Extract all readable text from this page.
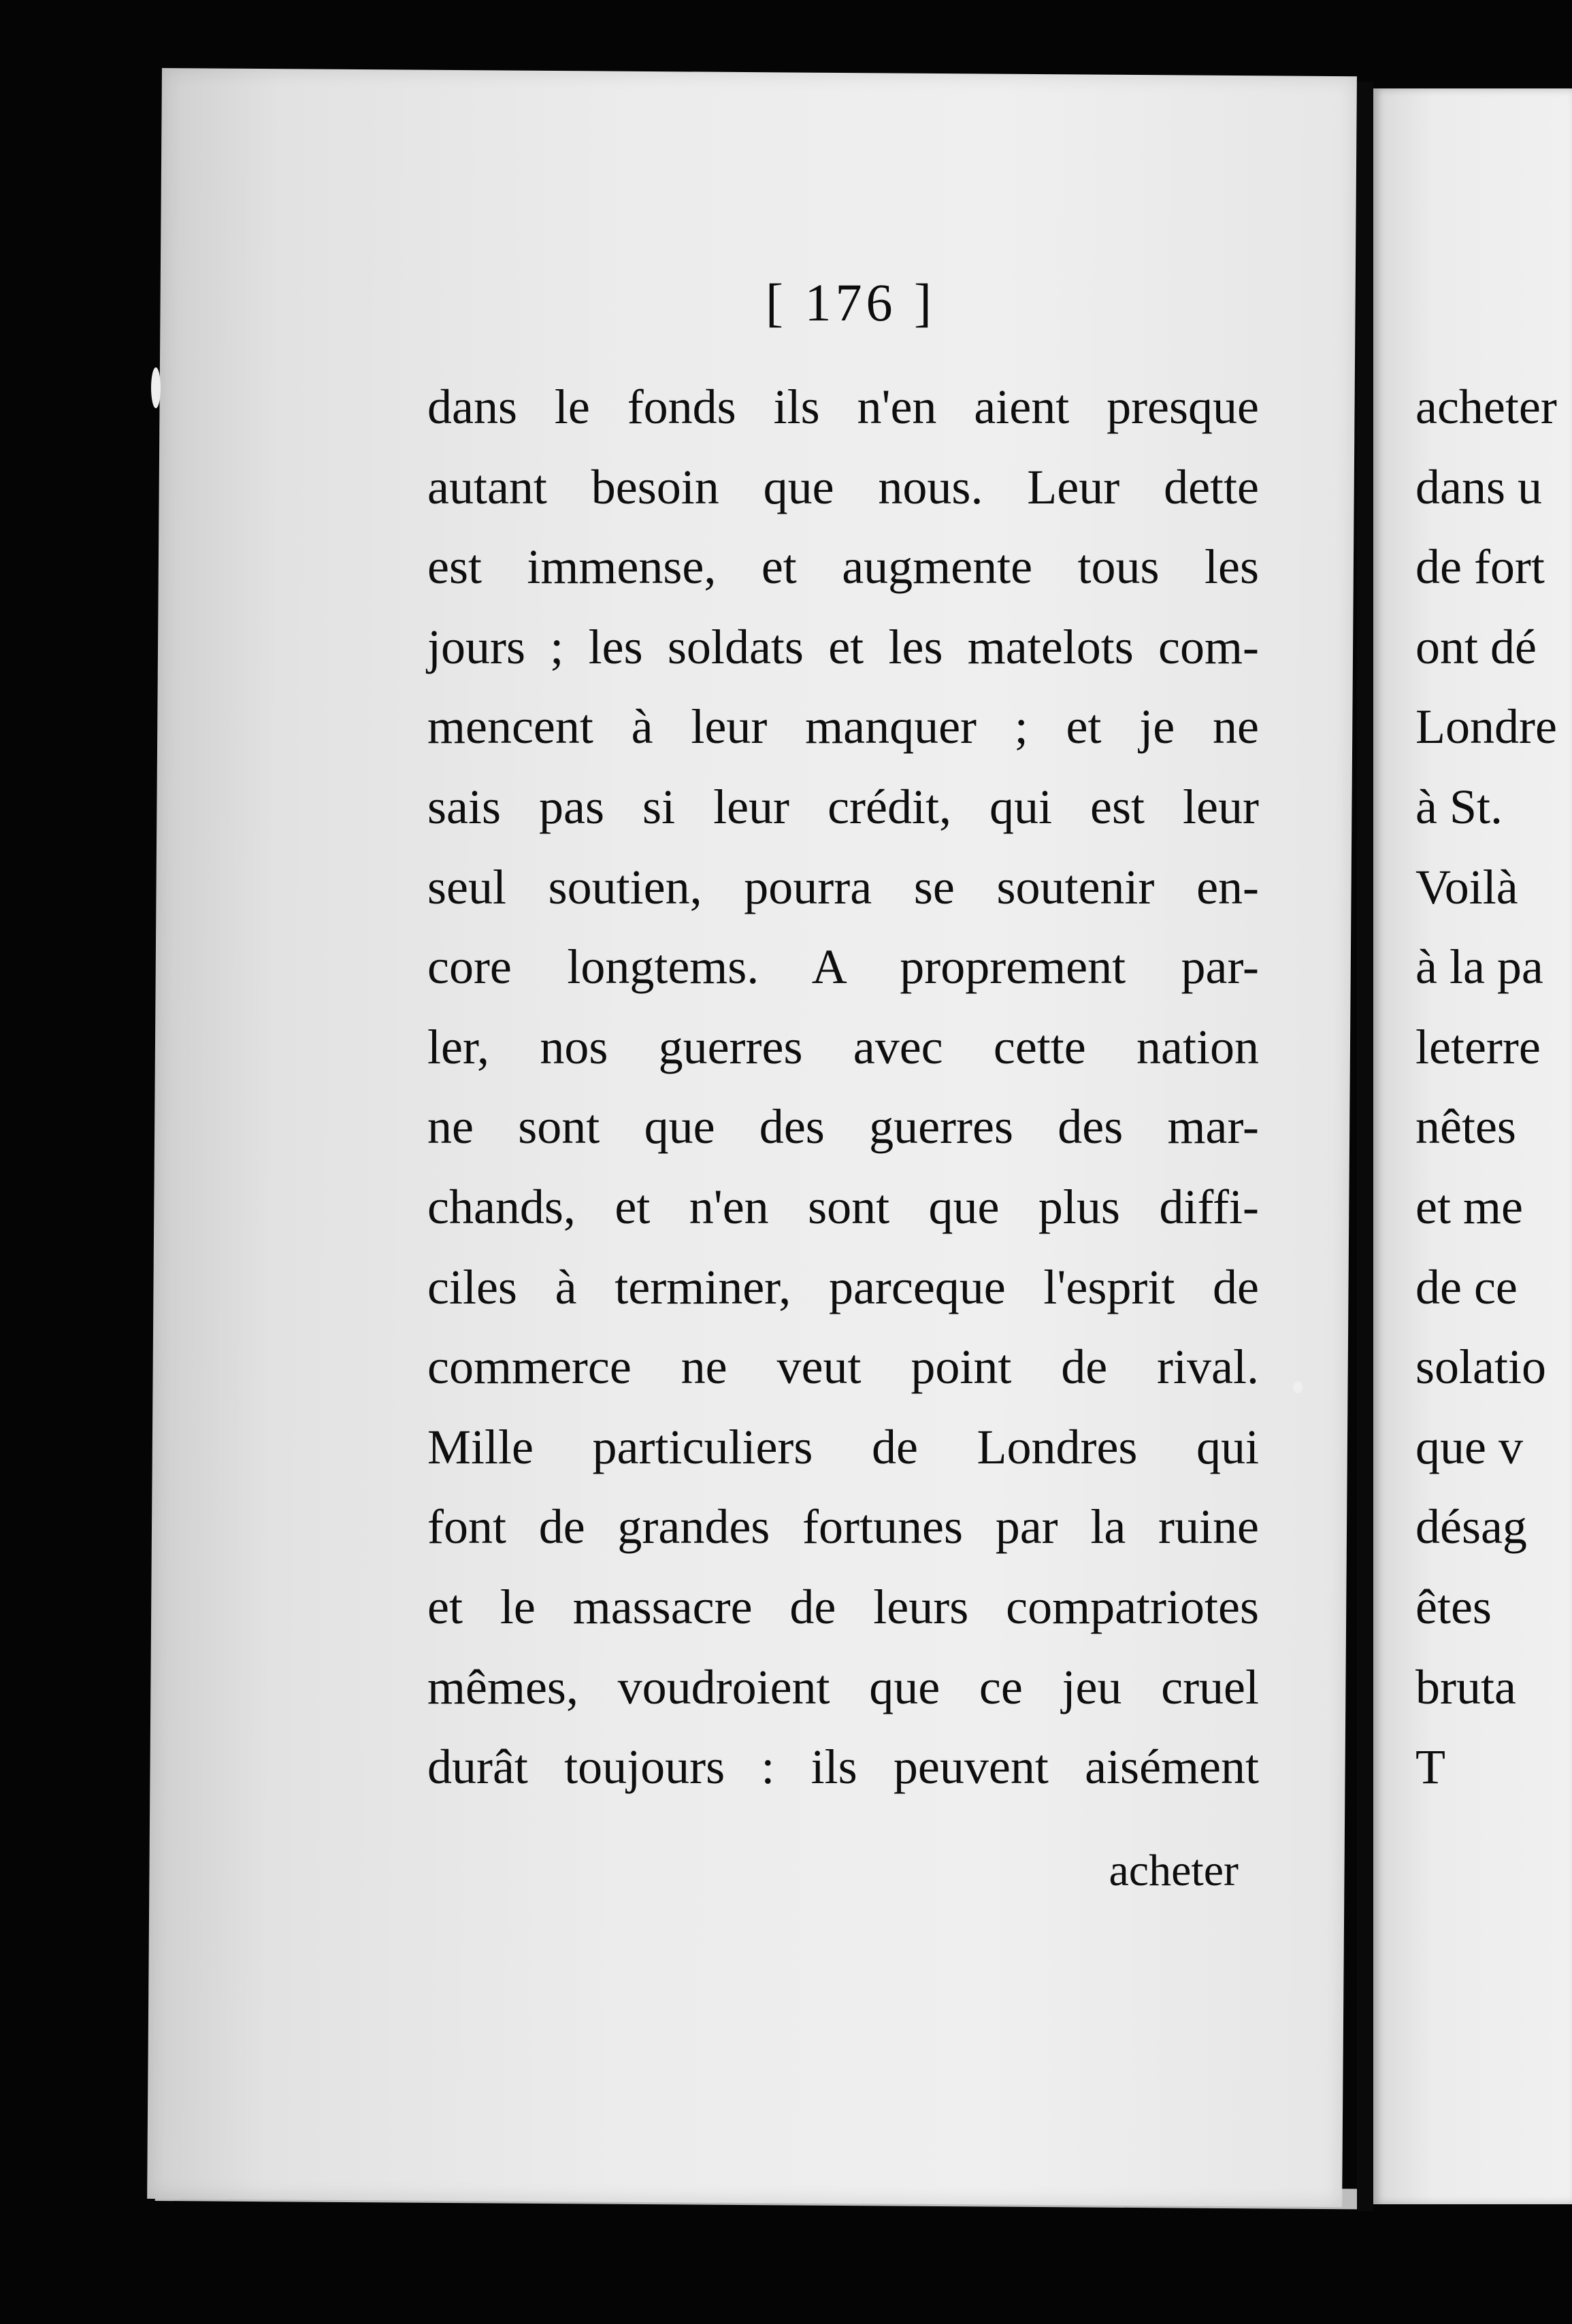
[ 176 ]
dans le fonds ils n'en aient presque
autant besoin que nous. Leur dette
est immense, et augmente tous les
jours ; les soldats et les matelots com-
mencent à leur manquer ; et je ne
sais pas si leur crédit, qui est leur
seul soutien, pourra se soutenir en-
core longtems. A proprement par-
ler, nos guerres avec cette nation
ne sont que des guerres des mar-
chands, et n'en sont que plus diffi-
ciles à terminer, parceque l'esprit de
commerce ne veut point de rival.
Mille particuliers de Londres qui
font de grandes fortunes par la ruine
et le massacre de leurs compatriotes
mêmes, voudroient que ce jeu cruel
durât toujours : ils peuvent aisément
acheter
acheter
dans u
de fort
ont dé
Londre
à St.
Voilà
à la pa
leterre
nêtes
et me
de ce
solatio
que v
désag
êtes
bruta
T
